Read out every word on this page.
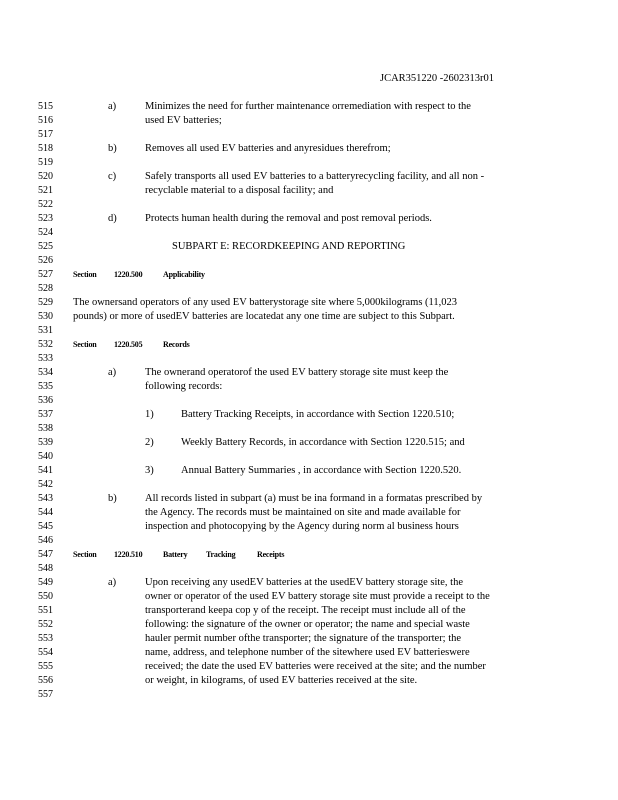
JCAR351220 -2602313r01
515
516
517
518
519
520
521
522
523
524
525
526
527
528
529
530
531
532
533
534
535
536
537
538
539
540
541
542
543
544
545
546
547
548
549
550
551
552
553
554
555
556
557
a)	Minimizes the need for further maintenance orremediation with respect to the
used EV batteries;
b)	Removes all used EV batteries and anyresidues therefrom;
c)	Safely transports all used EV batteries to a batteryrecycling facility, and all non -
recyclable material to a disposal facility; and
d)	Protects human health during the removal and post removal periods.
SUBPART E: RECORDKEEPING AND REPORTING
Section 1220.500	Applicability
The ownersand operators of any used EV batterystorage site where 5,000kilograms (11,023
pounds) or more of usedEV batteries are locatedat any one time are subject to this Subpart.
Section 1220.505	Records
a)	The ownerand operatorof the used EV battery storage site must keep the
following records:
1)	Battery Tracking Receipts, in accordance with Section 1220.510;
2)	Weekly Battery Records, in accordance with Section 1220.515; and
3)	Annual Battery Summaries , in accordance with Section 1220.520.
b)	All records listed in subpart (a) must be ina formand in a formatas prescribed by
the Agency. The records must be maintained on site and made available for
inspection and photocopying by the Agency during norm al business hours
Section 1220.510	Battery Tracking	Receipts
a)	Upon receiving any usedEV batteries at the usedEV battery storage site, the
owner or operator of the used EV battery storage site must provide a receipt to the
transporterand keepa cop y of the receipt. The receipt must include all of the
following: the signature of the owner or operator; the name and special waste
hauler permit number ofthe transporter; the signature of the transporter; the
name, address, and telephone number of the sitewhere used EV batterieswere
received; the date the used EV batteries were received at the site; and the number
or weight, in kilograms, of used EV batteries received at the site.
